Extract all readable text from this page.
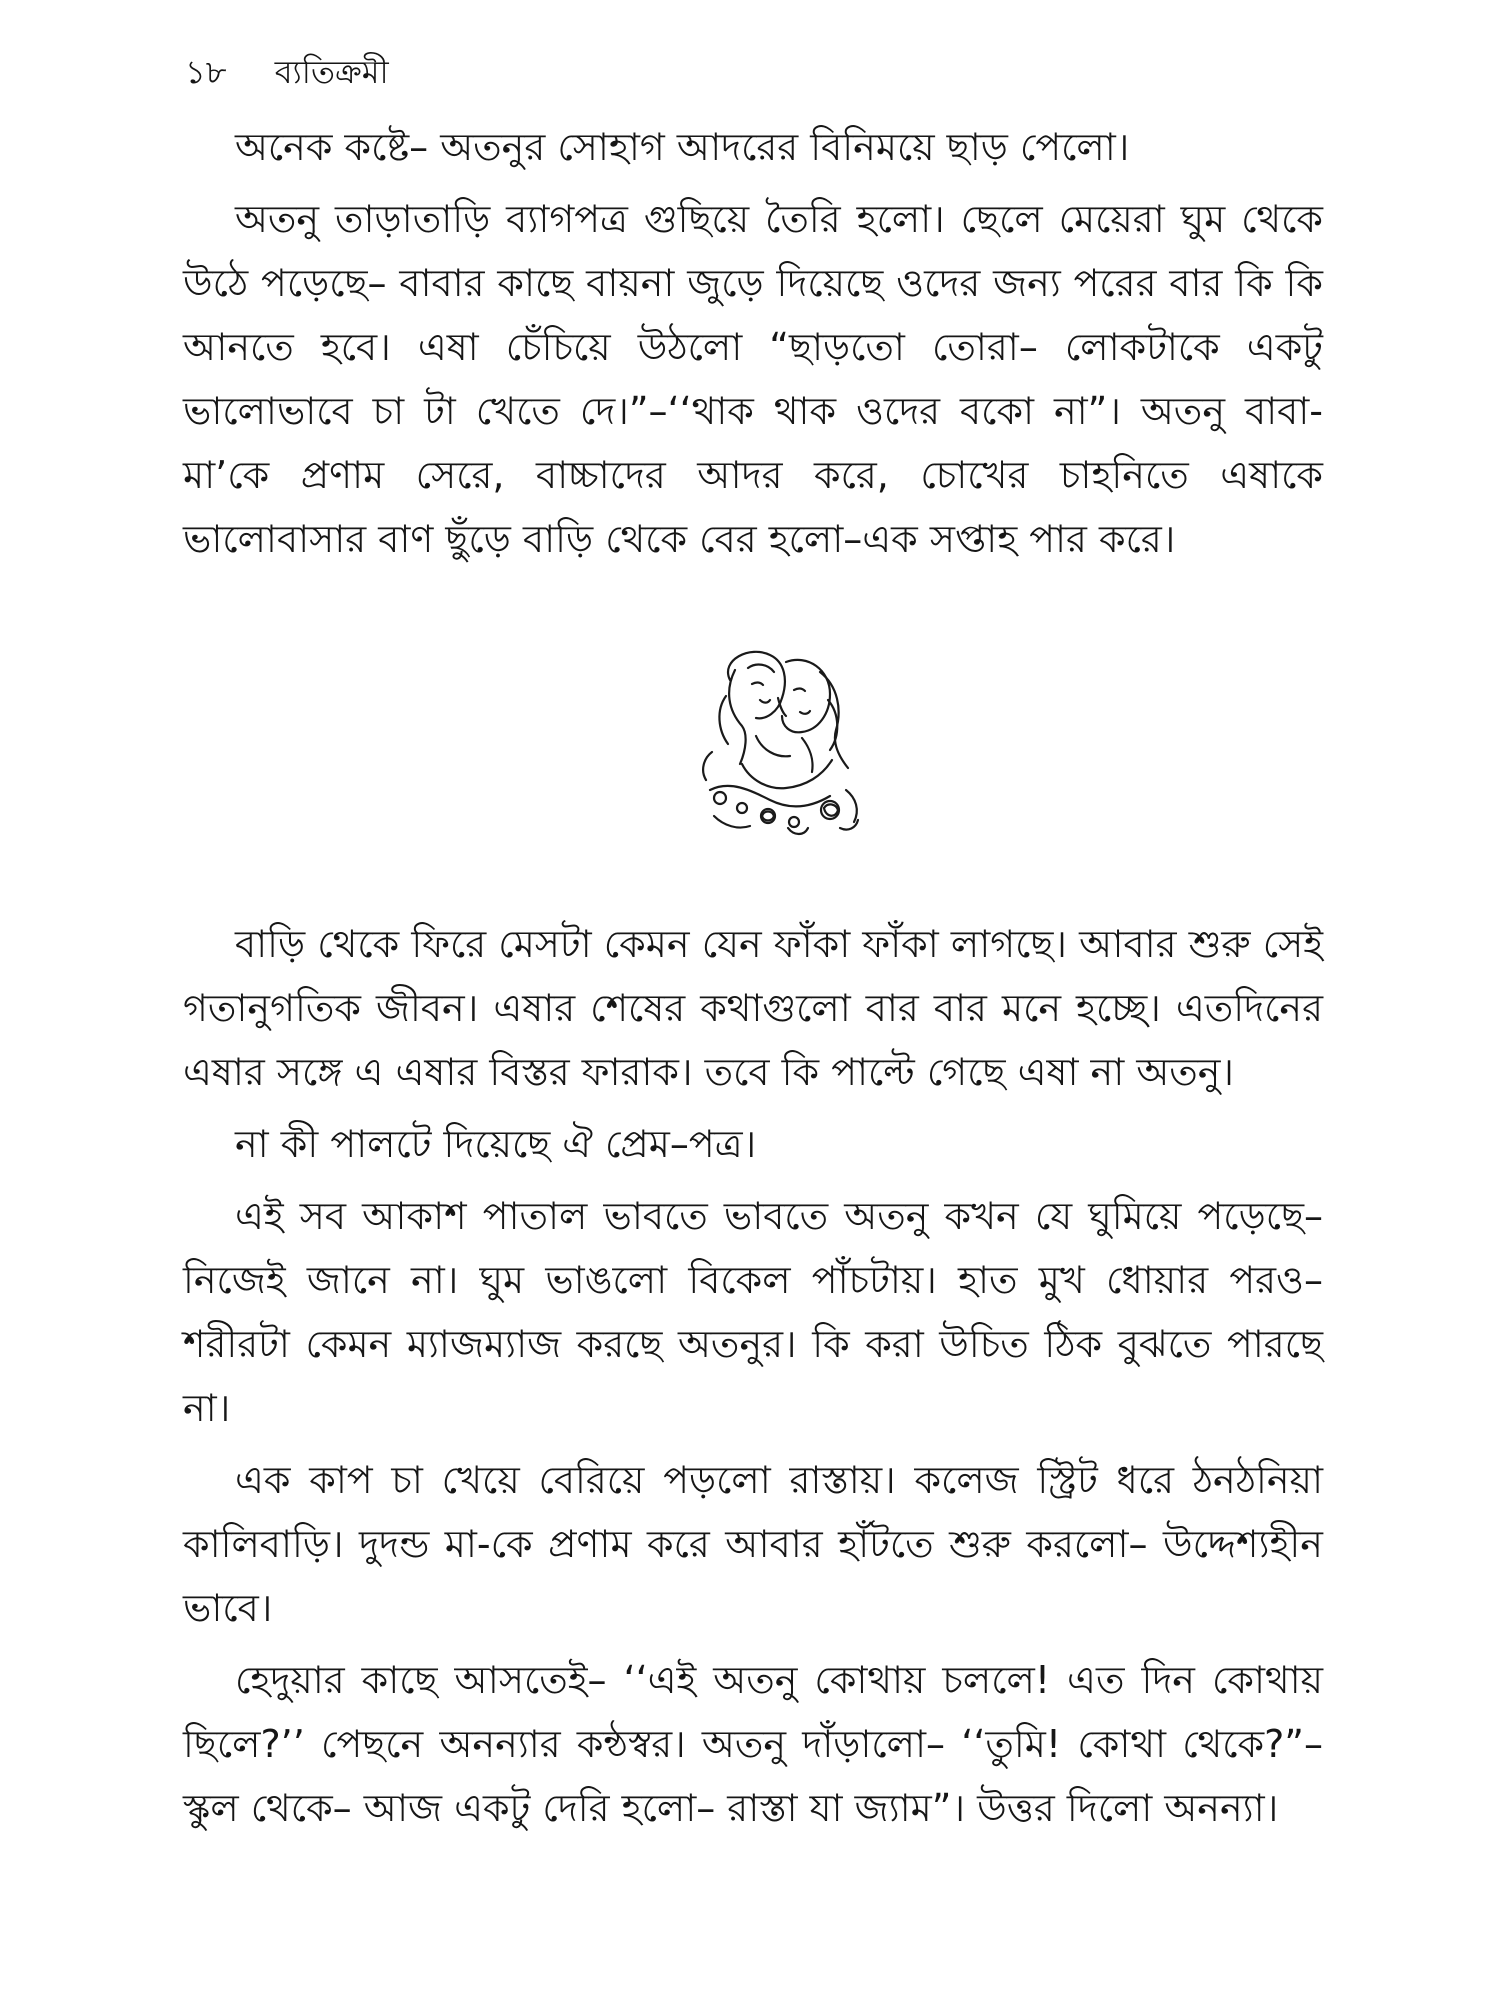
১৮ ব্যতিক্রমী

অনেক কষ্টে– অতনুর সোহাগ আদরের বিনিময়ে ছাড় পেলো।

অতনু তাড়াতাড়ি ব্যাগপত্র গুছিয়ে তৈরি হলো। ছেলে মেয়েরা ঘুম থেকে উঠে পড়েছে– বাবার কাছে বায়না জুড়ে দিয়েছে ওদের জন্য পরের বার কি কি আনতে হবে। এষা চেঁচিয়ে উঠলো “ছাড়তো তোরা– লোকটাকে একটু ভালোভাবে চা টা খেতে দে।”–‘‘থাক থাক ওদের বকো না”। অতনু বাবা-মা’কে প্রণাম সেরে, বাচ্চাদের আদর করে, চোখের চাহনিতে এষাকে ভালোবাসার বাণ ছুঁড়ে বাড়ি থেকে বের হলো–এক সপ্তাহ পার করে।

বাড়ি থেকে ফিরে মেসটা কেমন যেন ফাঁকা ফাঁকা লাগছে। আবার শুরু সেই গতানুগতিক জীবন। এষার শেষের কথাগুলো বার বার মনে হচ্ছে। এতদিনের এষার সঙ্গে এ এষার বিস্তর ফারাক। তবে কি পাল্টে গেছে এষা না অতনু।

না কী পালটে দিয়েছে ঐ প্রেম–পত্র।

এই সব আকাশ পাতাল ভাবতে ভাবতে অতনু কখন যে ঘুমিয়ে পড়েছে– নিজেই জানে না। ঘুম ভাঙলো বিকেল পাঁচটায়। হাত মুখ ধোয়ার পরও– শরীরটা কেমন ম্যাজম্যাজ করছে অতনুর। কি করা উচিত ঠিক বুঝতে পারছে না।

এক কাপ চা খেয়ে বেরিয়ে পড়লো রাস্তায়। কলেজ স্ট্রিট ধরে ঠনঠনিয়া কালিবাড়ি। দুদন্ড মা-কে প্রণাম করে আবার হাঁটতে শুরু করলো– উদ্দেশ্যহীন ভাবে।

হেদুয়ার কাছে আসতেই– ‘‘এই অতনু কোথায় চললে! এত দিন কোথায় ছিলে?’’ পেছনে অনন্যার কন্ঠস্বর। অতনু দাঁড়ালো– ‘‘তুমি! কোথা থেকে?”– স্কুল থেকে– আজ একটু দেরি হলো– রাস্তা যা জ্যাম”। উত্তর দিলো অনন্যা।
